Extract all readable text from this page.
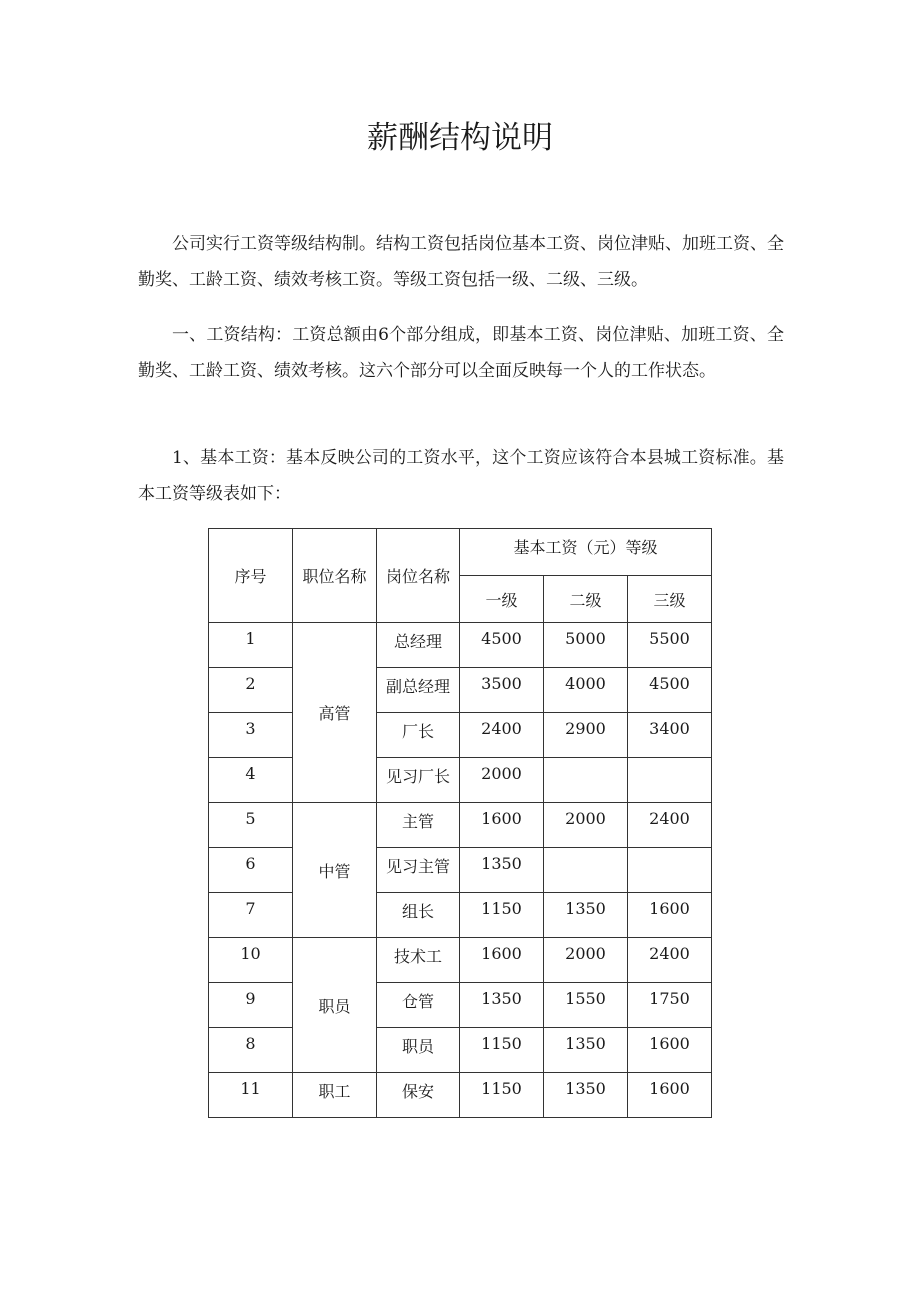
薪酬结构说明

公司实行工资等级结构制。结构工资包括岗位基本工资、岗位津贴、加班工资、全勤奖、工龄工资、绩效考核工资。等级工资包括一级、二级、三级。

一、工资结构：工资总额由6个部分组成，即基本工资、岗位津贴、加班工资、全勤奖、工龄工资、绩效考核。这六个部分可以全面反映每一个人的工作状态。

1、基本工资：基本反映公司的工资水平，这个工资应该符合本县城工资标准。基本工资等级表如下：

序号	职位名称	岗位名称	基本工资（元）等级		
			一级	二级	三级
1	高管	总经理	4500	5000	5500
2		副总经理	3500	4000	4500
3		厂长	2400	2900	3400
4		见习厂长	2000		
5	中管	主管	1600	2000	2400
6		见习主管	1350		
7		组长	1150	1350	1600
10	职员	技术工	1600	2000	2400
9		仓管	1350	1550	1750
8		职员	1150	1350	1600
11	职工	保安	1150	1350	1600
